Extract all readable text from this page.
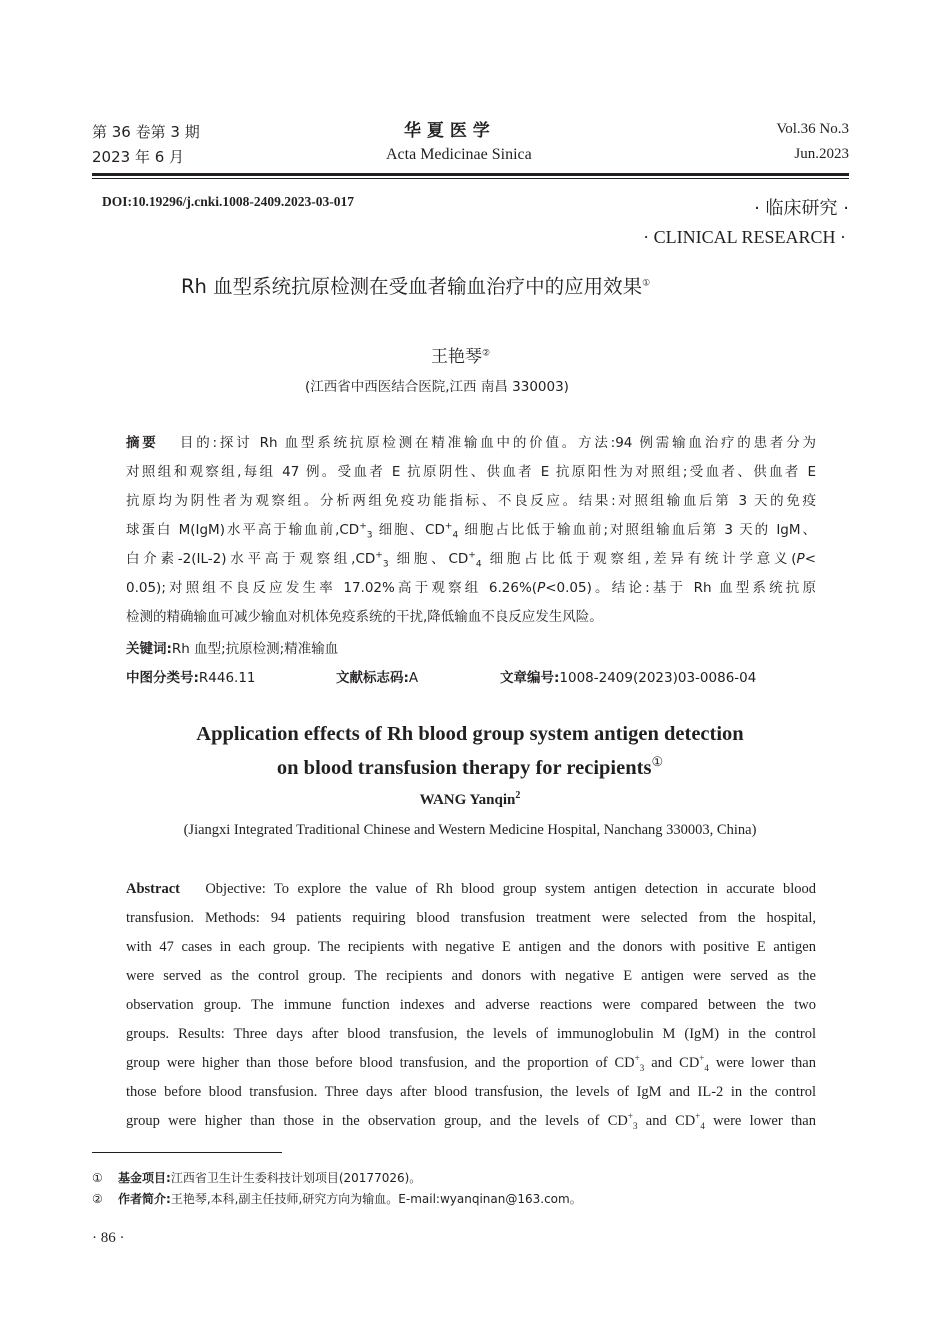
第 36 卷第 3 期
2023 年 6 月
华 夏 医 学
Acta Medicinae Sinica
Vol.36 No.3
Jun.2023
DOI:10.19296/j.cnki.1008-2409.2023-03-017	· 临床研究 ·
· CLINICAL RESEARCH ·
Rh 血型系统抗原检测在受血者输血治疗中的应用效果①
王艳琴②
(江西省中西医结合医院,江西 南昌 330003)
摘要 目的:探讨 Rh 血型系统抗原检测在精准输血中的价值。方法:94 例需输血治疗的患者分为
对照组和观察组,每组 47 例。受血者 E 抗原阴性、供血者 E 抗原阳性为对照组;受血者、供血者 E
抗原均为阴性者为观察组。分析两组免疫功能指标、不良反应。结果:对照组输血后第 3 天的免疫
球蛋白 M(IgM)水平高于输血前$,CD^+_3$ 细胞、$CD^+_4$ 细胞占比低于输血前;对照组输血后第 3 天的 IgM、
白介素-2(IL-2)水平高于观察组$,CD^+_3$ 细胞、$CD^+_4$ 细胞占比低于观察组,差异有统计学意义(P<
0.05);对照组不良反应发生率 17.02%高于观察组 6.26%(P<0.05)。结论:基于 Rh 血型系统抗原
检测的精确输血可减少输血对机体免疫系统的干扰,降低输血不良反应发生风险。
关键词:Rh 血型;抗原检测;精准输血
中图分类号:R446.11	文献标志码:A	文章编号:1008-2409(2023)03-0086-04
Application effects of Rh blood group system antigen detection
on blood transfusion therapy for recipients①
WANG Yanqin$^2$
(Jiangxi Integrated Traditional Chinese and Western Medicine Hospital, Nanchang 330003, China)
Abstract Objective: To explore the value of Rh blood group system antigen detection in accurate blood
transfusion. Methods: 94 patients requiring blood transfusion treatment were selected from the hospital,
with 47 cases in each group. The recipients with negative E antigen and the donors with positive E antigen
were served as the control group. The recipients and donors with negative E antigen were served as the
observation group. The immune function indexes and adverse reactions were compared between the two
groups. Results: Three days after blood transfusion, the levels of immunoglobulin M (IgM) in the control
group were higher than those before blood transfusion, and the proportion of $CD^+_3$ and $CD^+_4$ were lower than
those before blood transfusion. Three days after blood transfusion, the levels of IgM and IL-2 in the control
group were higher than those in the observation group, and the levels of $CD^+_3$ and $CD^+_4$ were lower than
① 基金项目:江西省卫生计生委科技计划项目(20177026)。
② 作者简介:王艳琴,本科,副主任技师,研究方向为输血。E-mail:wyanqinan@163.com。
· 86 ·
